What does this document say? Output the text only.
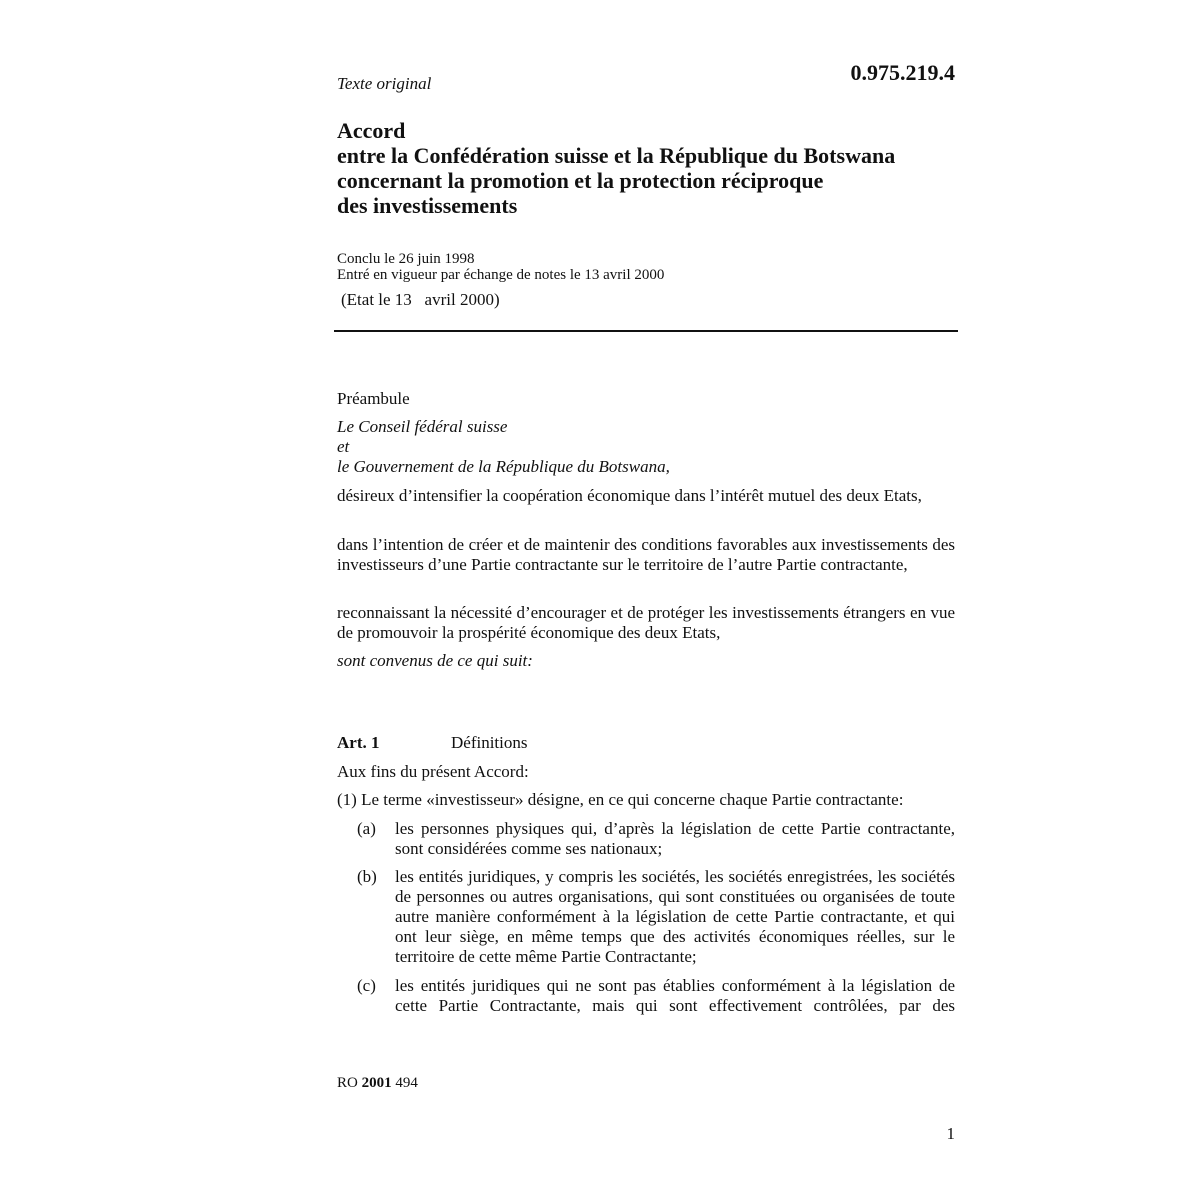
0.975.219.4
Texte original
Accord
entre la Confédération suisse et la République du Botswana
concernant la promotion et la protection réciproque
des investissements
Conclu le 26 juin 1998
Entré en vigueur par échange de notes le 13 avril 2000
(Etat le 13   avril 2000)
Préambule
Le Conseil fédéral suisse
et
le Gouvernement de la République du Botswana,
désireux d’intensifier la coopération économique dans l’intérêt mutuel des deux Etats,
dans l’intention de créer et de maintenir des conditions favorables aux investissements des investisseurs d’une Partie contractante sur le territoire de l’autre Partie contractante,
reconnaissant la nécessité d’encourager et de protéger les investissements étrangers en vue de promouvoir la prospérité économique des deux Etats,
sont convenus de ce qui suit:
Art. 1	Définitions
Aux fins du présent Accord:
(1) Le terme «investisseur» désigne, en ce qui concerne chaque Partie contractante:
(a) les personnes physiques qui, d’après la législation de cette Partie contractante, sont considérées comme ses nationaux;
(b) les entités juridiques, y compris les sociétés, les sociétés enregistrées, les sociétés de personnes ou autres organisations, qui sont constituées ou organisées de toute autre manière conformément à la législation de cette Partie contractante, et qui ont leur siège, en même temps que des activités économiques réelles, sur le territoire de cette même Partie Contractante;
(c) les entités juridiques qui ne sont pas établies conformément à la législation de cette Partie Contractante, mais qui sont effectivement contrôlées, par des
RO 2001 494
1
